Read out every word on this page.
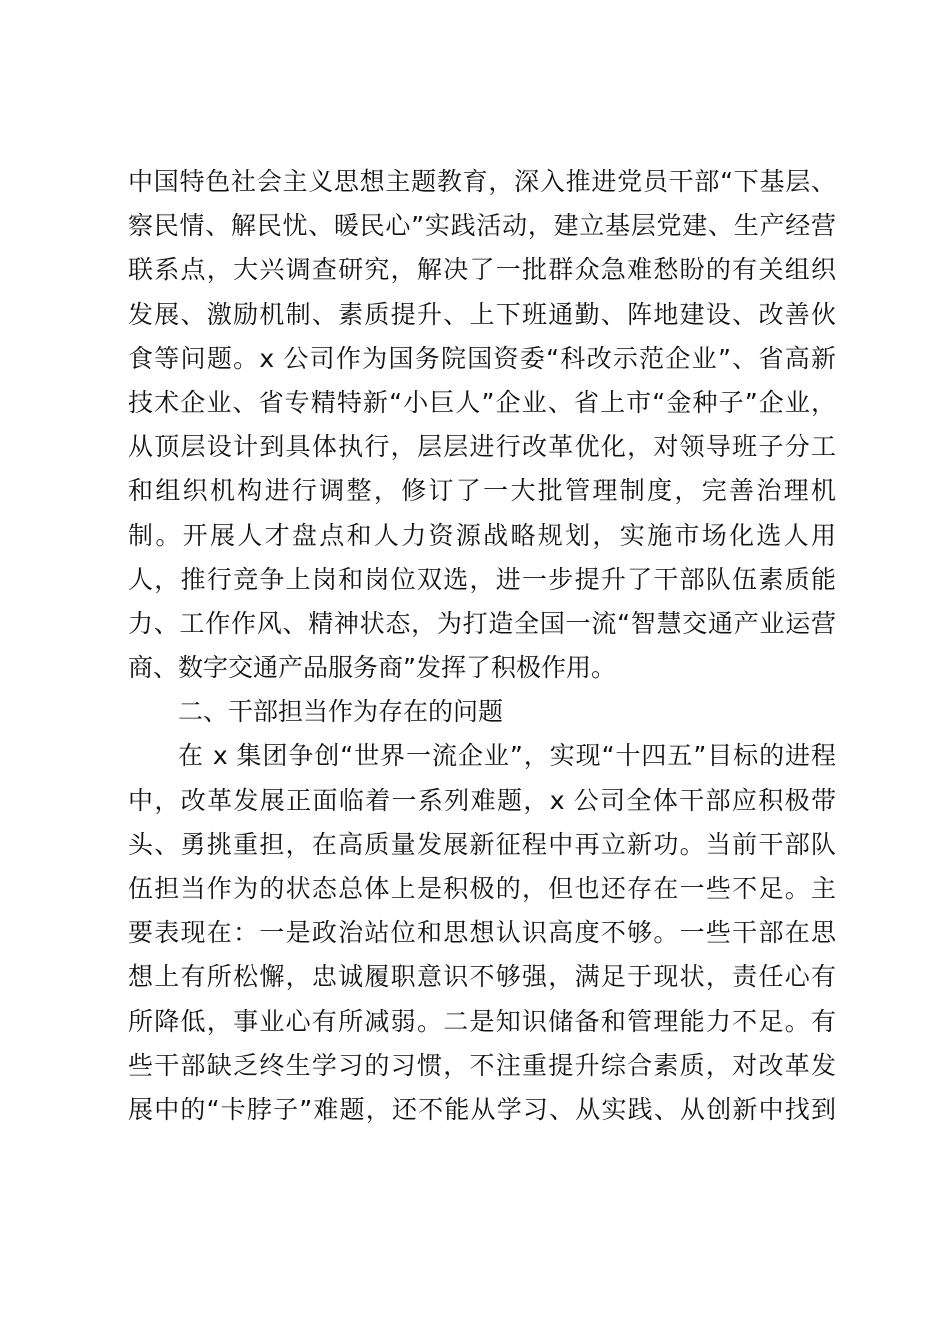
中国特色社会主义思想主题教育，深入推进党员干部“下基层、
察民情、解民忧、暖民心”实践活动，建立基层党建、生产经营
联系点，大兴调查研究，解决了一批群众急难愁盼的有关组织
发展、激励机制、素质提升、上下班通勤、阵地建设、改善伙
食等问题。x 公司作为国务院国资委“科改示范企业”、省高新
技术企业、省专精特新“小巨人”企业、省上市“金种子”企业，
从顶层设计到具体执行，层层进行改革优化，对领导班子分工
和组织机构进行调整，修订了一大批管理制度，完善治理机
制。开展人才盘点和人力资源战略规划，实施市场化选人用
人，推行竞争上岗和岗位双选，进一步提升了干部队伍素质能
力、工作作风、精神状态，为打造全国一流“智慧交通产业运营
商、数字交通产品服务商”发挥了积极作用。
二、干部担当作为存在的问题
在 x 集团争创“世界一流企业”，实现“十四五”目标的进程
中，改革发展正面临着一系列难题，x 公司全体干部应积极带
头、勇挑重担，在高质量发展新征程中再立新功。当前干部队
伍担当作为的状态总体上是积极的，但也还存在一些不足。主
要表现在：一是政治站位和思想认识高度不够。一些干部在思
想上有所松懈，忠诚履职意识不够强，满足于现状，责任心有
所降低，事业心有所减弱。二是知识储备和管理能力不足。有
些干部缺乏终生学习的习惯，不注重提升综合素质，对改革发
展中的“卡脖子”难题，还不能从学习、从实践、从创新中找到
